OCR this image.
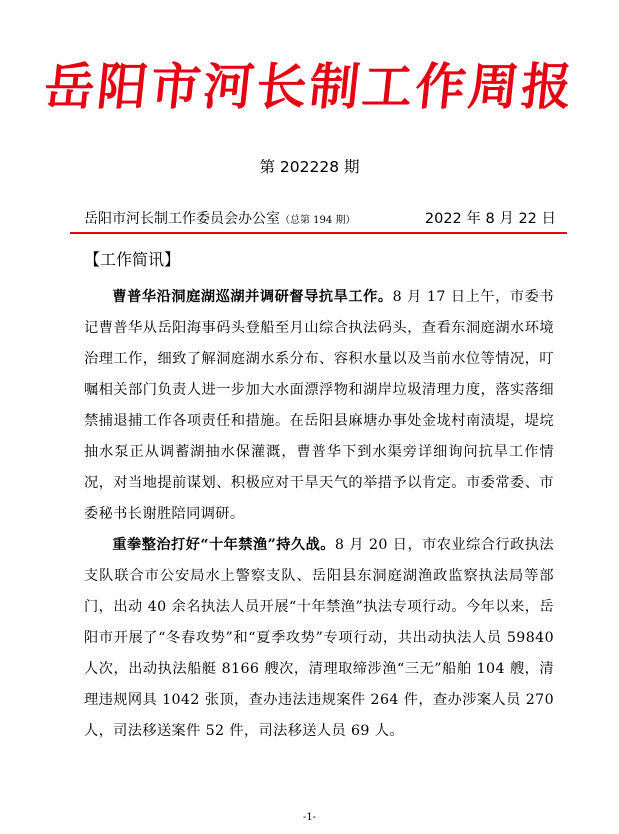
岳阳市河长制工作周报
第 202228 期
岳阳市河长制工作委员会办公室（总第 194 期）	2022 年 8 月 22 日
【工作简讯】

曹普华沿洞庭湖巡湖并调研督导抗旱工作。8 月 17 日上午，市委书记曹普华从岳阳海事码头登船至月山综合执法码头，查看东洞庭湖水环境治理工作，细致了解洞庭湖水系分布、容积水量以及当前水位等情况，叮嘱相关部门负责人进一步加大水面漂浮物和湖岸垃圾清理力度，落实落细禁捕退捕工作各项责任和措施。在岳阳县麻塘办事处金垅村南渍堤，堤垸抽水泵正从调蓄湖抽水保灌溉，曹普华下到水渠旁详细询问抗旱工作情况，对当地提前谋划、积极应对干旱天气的举措予以肯定。市委常委、市委秘书长谢胜陪同调研。

重拳整治打好“十年禁渔”持久战。8 月 20 日，市农业综合行政执法支队联合市公安局水上警察支队、岳阳县东洞庭湖渔政监察执法局等部门，出动 40 余名执法人员开展“十年禁渔”执法专项行动。今年以来，岳阳市开展了“冬春攻势”和“夏季攻势”专项行动，共出动执法人员 59840 人次，出动执法船艇 8166 艘次，清理取缔涉渔“三无”船舶 104 艘，清理违规网具 1042 张顶，查办违法违规案件 264 件，查办涉案人员 270 人，司法移送案件 52 件，司法移送人员 69 人。

-1-
